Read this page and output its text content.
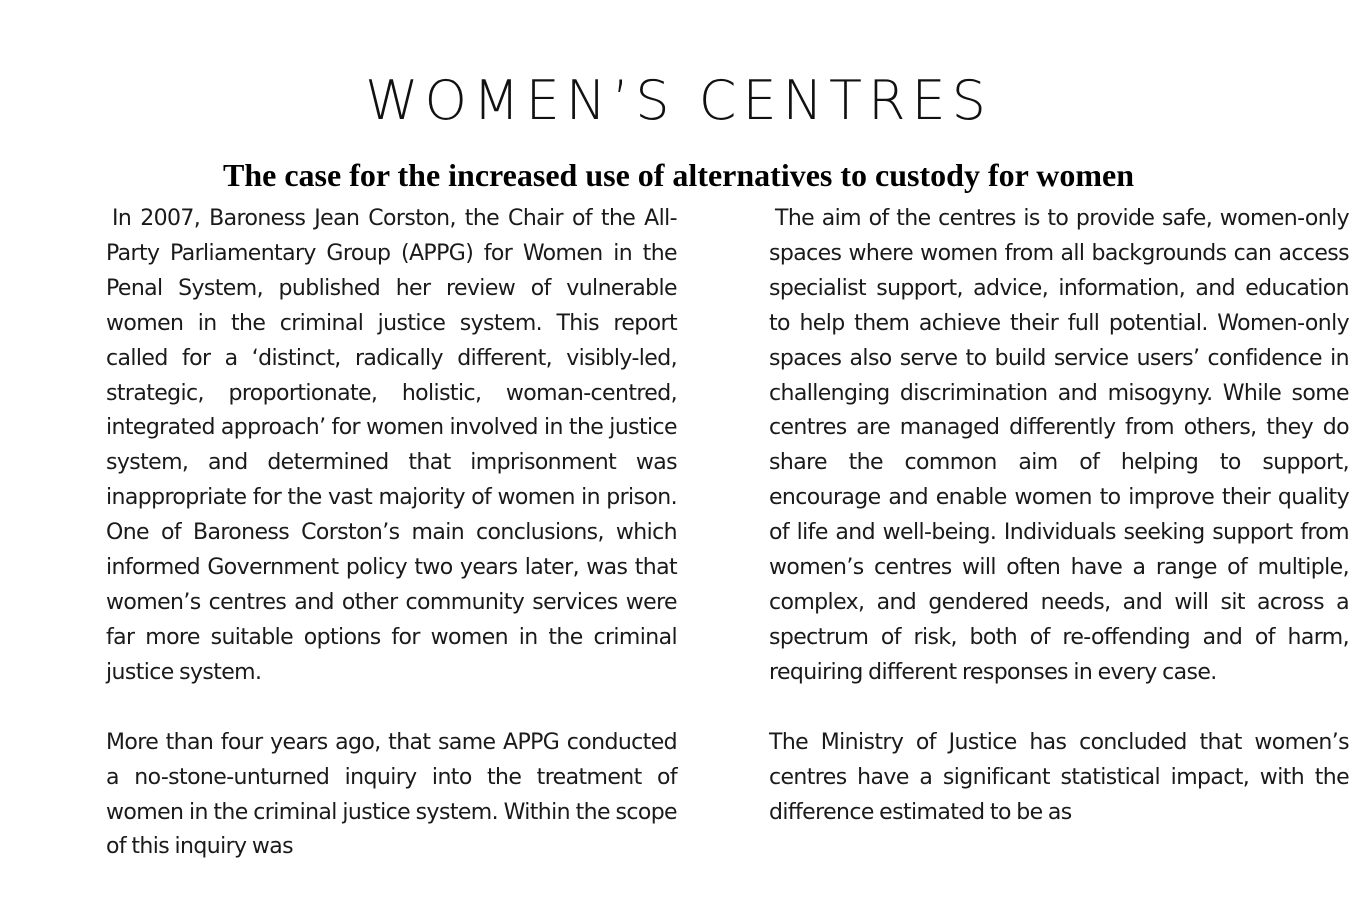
WOMEN’S CENTRES
The case for the increased use of alternatives to custody for women

In 2007, Baroness Jean Corston, the Chair of the All-Party Parliamentary Group (APPG) for Women in the Penal System, published her review of vulnerable women in the criminal justice system. This report called for a ‘distinct, radically different, visibly-led, strategic, proportionate, holistic, woman-centred, integrated approach’ for women involved in the justice system, and determined that imprisonment was inappropriate for the vast majority of women in prison. One of Baroness Corston’s main conclusions, which informed Government policy two years later, was that women’s centres and other community services were far more suitable options for women in the criminal justice system.

More than four years ago, that same APPG conducted a no-stone-unturned inquiry into the treatment of women in the criminal justice system. Within the scope of this inquiry was

The aim of the centres is to provide safe, women-only spaces where women from all backgrounds can access specialist support, advice, information, and education to help them achieve their full potential. Women-only spaces also serve to build service users’ confidence in challenging discrimination and misogyny. While some centres are managed differently from others, they do share the common aim of helping to support, encourage and enable women to improve their quality of life and well-being. Individuals seeking support from women’s centres will often have a range of multiple, complex, and gendered needs, and will sit across a spectrum of risk, both of re-offending and of harm, requiring different responses in every case.

The Ministry of Justice has concluded that women’s centres have a significant statistical impact, with the difference estimated to be as
